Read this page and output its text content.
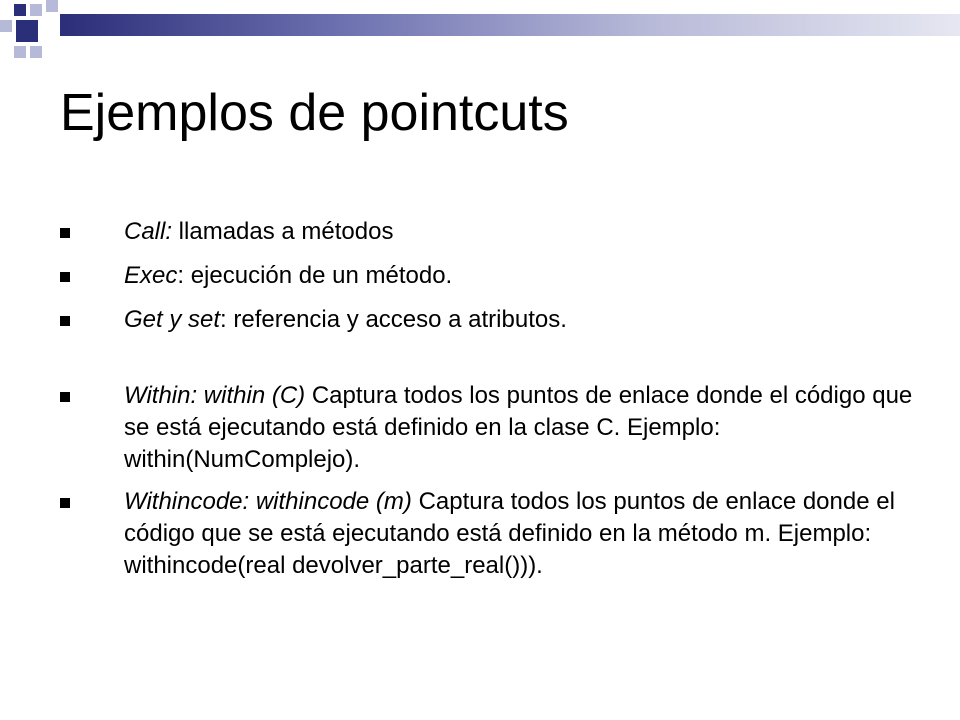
Ejemplos de pointcuts
Call: llamadas a métodos
Exec: ejecución de un método.
Get y set: referencia y acceso a atributos.
Within: within (C) Captura todos los puntos de enlace donde el código que se está ejecutando está definido en la clase C. Ejemplo: within(NumComplejo).
Withincode: withincode (m) Captura todos los puntos de enlace donde el código que se está ejecutando está definido en la método m. Ejemplo: withincode(real devolver_parte_real())).
